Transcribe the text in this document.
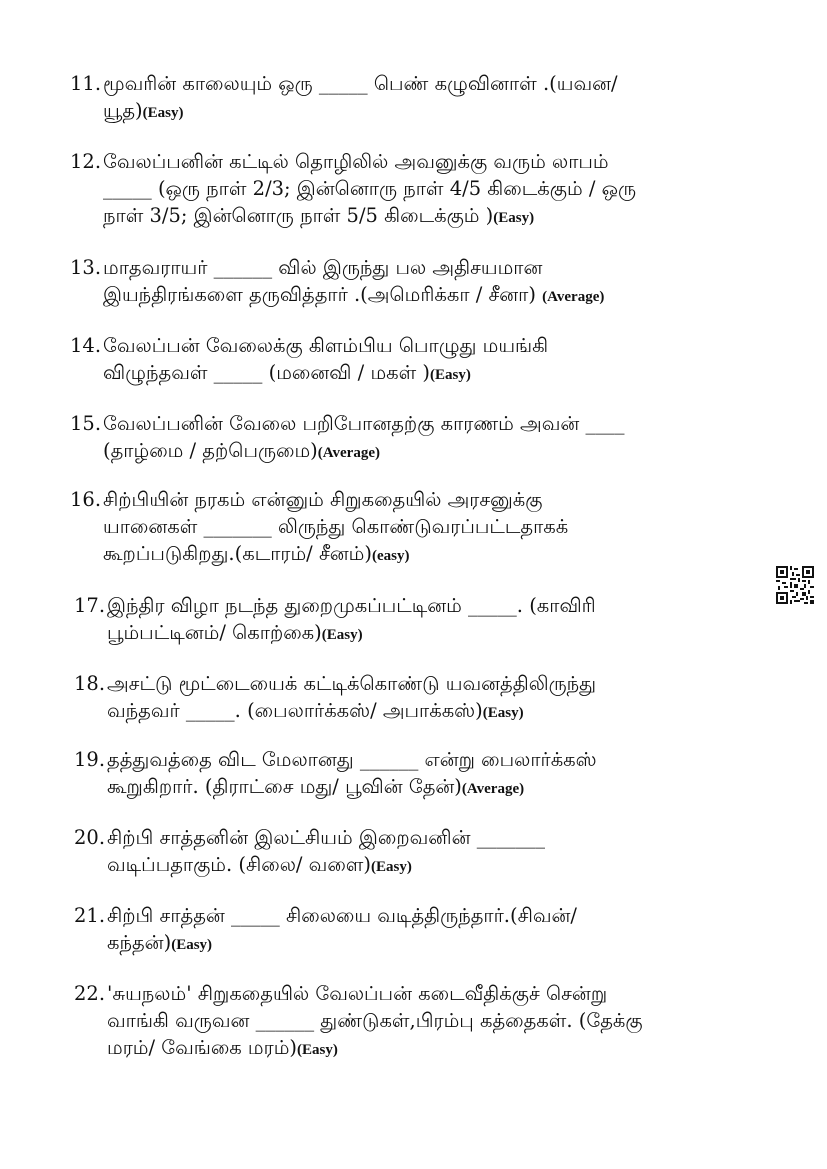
11. மூவரின் காலையும் ஒரு _____ பெண் கழுவினாள் .(யவன/
யூத)(Easy)
12. வேலப்பனின் கட்டில் தொழிலில் அவனுக்கு வரும் லாபம்
_____ (ஒரு நாள் 2/3; இன்னொரு நாள் 4/5 கிடைக்கும் / ஒரு
நாள் 3/5; இன்னொரு நாள் 5/5 கிடைக்கும் )(Easy)
13. மாதவராயர் ______ வில் இருந்து பல அதிசயமான
இயந்திரங்களை தருவித்தார் .(அமெரிக்கா / சீனா) (Average)
14. வேலப்பன் வேலைக்கு கிளம்பிய பொழுது மயங்கி
விழுந்தவள் _____ (மனைவி / மகள் )(Easy)
15. வேலப்பனின் வேலை பறிபோனதற்கு காரணம் அவன் ____
(தாழ்மை / தற்பெருமை)(Average)
16. சிற்பியின் நரகம் என்னும் சிறுகதையில் அரசனுக்கு
யானைகள் _______ லிருந்து கொண்டுவரப்பட்டதாகக்
கூறப்படுகிறது.(கடாரம்/ சீனம்)(easy)
17. இந்திர விழா நடந்த துறைமுகப்பட்டினம் _____. (காவிரி
பூம்பட்டினம்/ கொற்கை)(Easy)
18. அசட்டு மூட்டையைக் கட்டிக்கொண்டு யவனத்திலிருந்து
வந்தவர் _____. (பைலார்க்கஸ்/ அபாக்கஸ்)(Easy)
19. தத்துவத்தை விட மேலானது ______ என்று பைலார்க்கஸ்
கூறுகிறார். (திராட்சை மது/ பூவின் தேன்)(Average)
20. சிற்பி சாத்தனின் இலட்சியம் இறைவனின் _______
வடிப்பதாகும். (சிலை/ வளை)(Easy)
21. சிற்பி சாத்தன் _____ சிலையை வடித்திருந்தார்.(சிவன்/
கந்தன்)(Easy)
22. 'சுயநலம்' சிறுகதையில் வேலப்பன் கடைவீதிக்குச் சென்று
வாங்கி வருவன ______ துண்டுகள்,பிரம்பு கத்தைகள். (தேக்கு
மரம்/ வேங்கை மரம்)(Easy)
